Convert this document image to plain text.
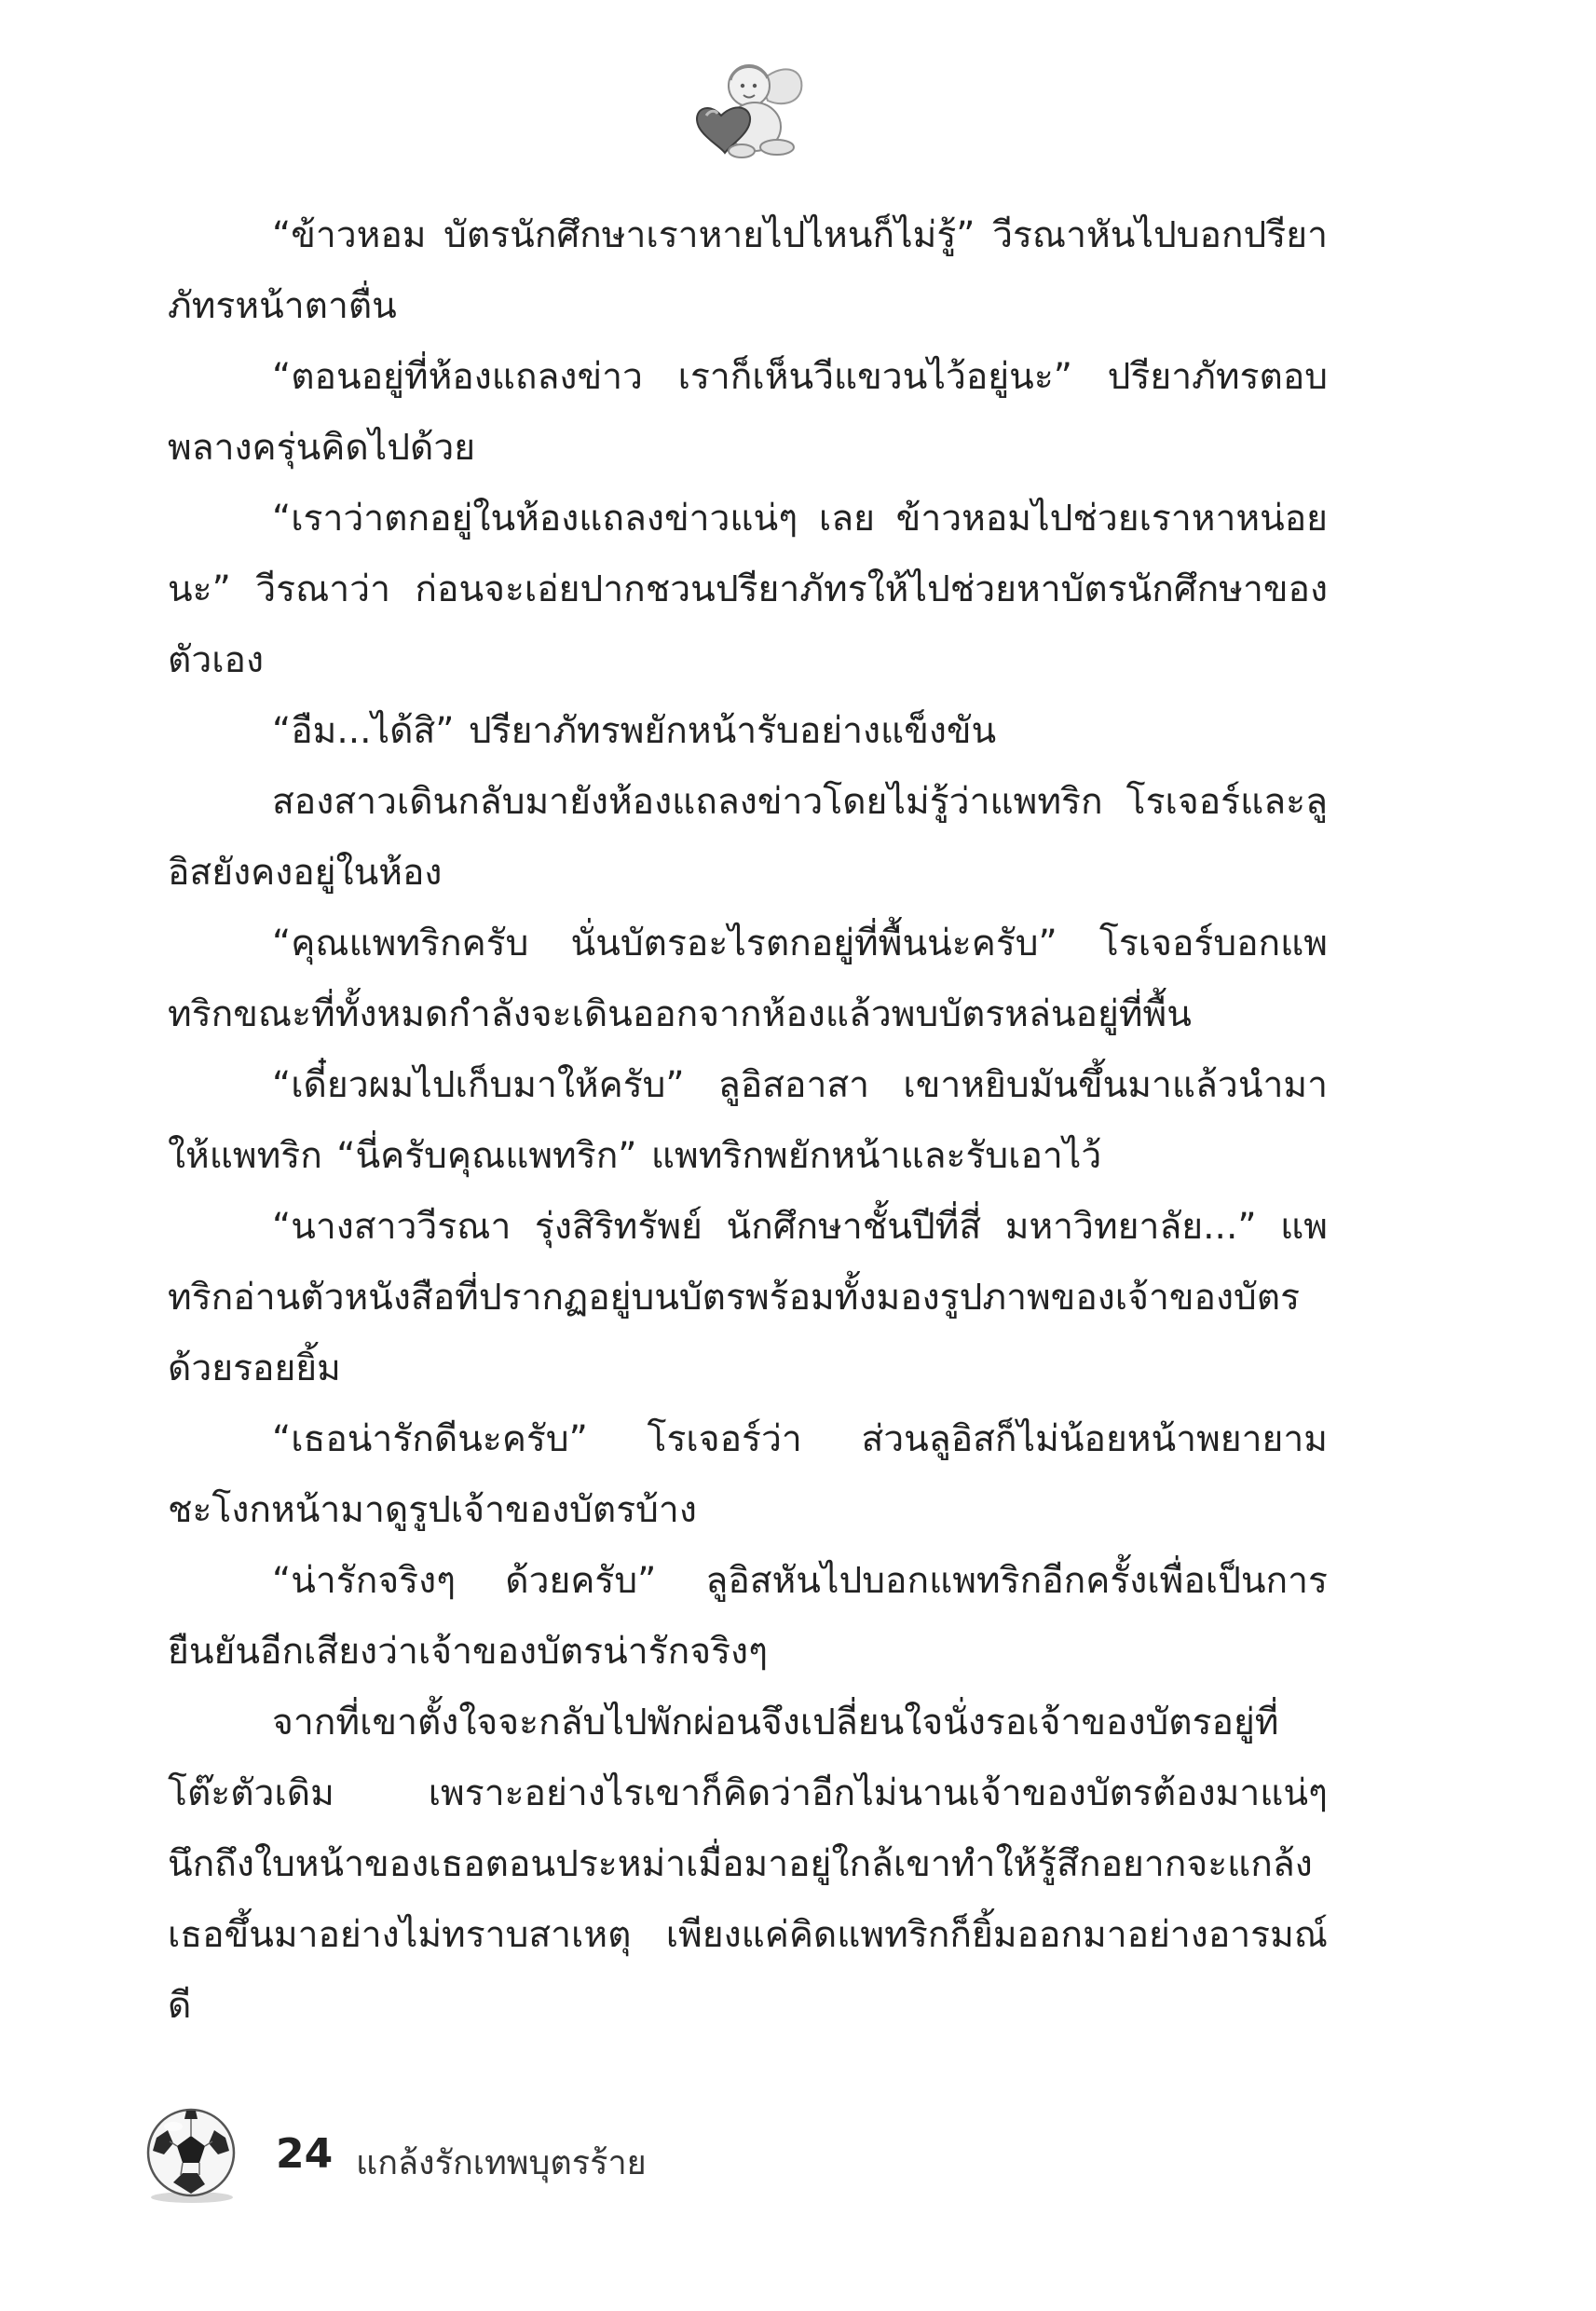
“ข้าวหอม บัตรนักศึกษาเราหายไปไหนก็ไม่รู้” วีรณาหันไปบอกปรียาภัทรหน้าตาตื่น

“ตอนอยู่ที่ห้องแถลงข่าว เราก็เห็นวีแขวนไว้อยู่นะ” ปรียาภัทรตอบพลางครุ่นคิดไปด้วย

“เราว่าตกอยู่ในห้องแถลงข่าวแน่ๆ เลย ข้าวหอมไปช่วยเราหาหน่อยนะ” วีรณาว่า ก่อนจะเอ่ยปากชวนปรียาภัทรให้ไปช่วยหาบัตรนักศึกษาของตัวเอง

“อืม...ได้สิ” ปรียาภัทรพยักหน้ารับอย่างแข็งขัน

สองสาวเดินกลับมายังห้องแถลงข่าวโดยไม่รู้ว่าแพทริก โรเจอร์และลูอิสยังคงอยู่ในห้อง

“คุณแพทริกครับ นั่นบัตรอะไรตกอยู่ที่พื้นน่ะครับ” โรเจอร์บอกแพทริกขณะที่ทั้งหมดกำลังจะเดินออกจากห้องแล้วพบบัตรหล่นอยู่ที่พื้น

“เดี๋ยวผมไปเก็บมาให้ครับ” ลูอิสอาสา เขาหยิบมันขึ้นมาแล้วนำมาให้แพทริก “นี่ครับคุณแพทริก” แพทริกพยักหน้าและรับเอาไว้

“นางสาววีรณา รุ่งสิริทรัพย์ นักศึกษาชั้นปีที่สี่ มหาวิทยาลัย...” แพทริกอ่านตัวหนังสือที่ปรากฏอยู่บนบัตรพร้อมทั้งมองรูปภาพของเจ้าของบัตรด้วยรอยยิ้ม

“เธอน่ารักดีนะครับ” โรเจอร์ว่า ส่วนลูอิสก็ไม่น้อยหน้าพยายามชะโงกหน้ามาดูรูปเจ้าของบัตรบ้าง

“น่ารักจริงๆ ด้วยครับ” ลูอิสหันไปบอกแพทริกอีกครั้งเพื่อเป็นการยืนยันอีกเสียงว่าเจ้าของบัตรน่ารักจริงๆ

จากที่เขาตั้งใจจะกลับไปพักผ่อนจึงเปลี่ยนใจนั่งรอเจ้าของบัตรอยู่ที่โต๊ะตัวเดิม เพราะอย่างไรเขาก็คิดว่าอีกไม่นานเจ้าของบัตรต้องมาแน่ๆ นึกถึงใบหน้าของเธอตอนประหม่าเมื่อมาอยู่ใกล้เขาทำให้รู้สึกอยากจะแกล้งเธอขึ้นมาอย่างไม่ทราบสาเหตุ เพียงแค่คิดแพทริกก็ยิ้มออกมาอย่างอารมณ์ดี

24 แกล้งรักเทพบุตรร้าย
